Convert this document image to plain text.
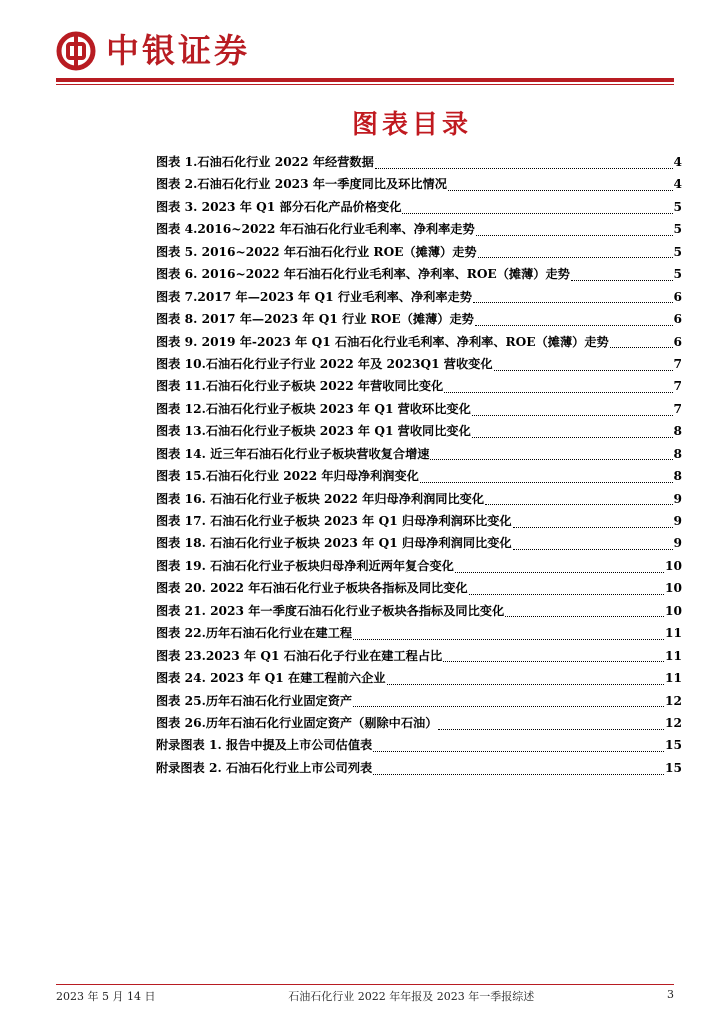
中银证券
图表目录
图表 1.石油石化行业 2022 年经营数据	4
图表 2.石油石化行业 2023 年一季度同比及环比情况	4
图表 3. 2023 年 Q1 部分石化产品价格变化	5
图表 4.2016~2022 年石油石化行业毛利率、净利率走势	5
图表 5. 2016~2022 年石油石化行业 ROE（摊薄）走势	5
图表 6. 2016~2022 年石油石化行业毛利率、净利率、ROE（摊薄）走势	5
图表 7.2017 年—2023 年 Q1 行业毛利率、净利率走势	6
图表 8. 2017 年—2023 年 Q1 行业 ROE（摊薄）走势	6
图表 9. 2019 年-2023 年 Q1 石油石化行业毛利率、净利率、ROE（摊薄）走势	6
图表 10.石油石化行业子行业 2022 年及 2023Q1 营收变化	7
图表 11.石油石化行业子板块 2022 年营收同比变化	7
图表 12.石油石化行业子板块 2023 年 Q1 营收环比变化	7
图表 13.石油石化行业子板块 2023 年 Q1 营收同比变化	8
图表 14. 近三年石油石化行业子板块营收复合增速	8
图表 15.石油石化行业 2022 年归母净利润变化	8
图表 16. 石油石化行业子板块 2022 年归母净利润同比变化	9
图表 17. 石油石化行业子板块 2023 年 Q1 归母净利润环比变化	9
图表 18. 石油石化行业子板块 2023 年 Q1 归母净利润同比变化	9
图表 19. 石油石化行业子板块归母净利近两年复合变化	10
图表 20. 2022 年石油石化行业子板块各指标及同比变化	10
图表 21. 2023 年一季度石油石化行业子板块各指标及同比变化	10
图表 22.历年石油石化行业在建工程	11
图表 23.2023 年 Q1 石油石化子行业在建工程占比	11
图表 24. 2023 年 Q1 在建工程前六企业	11
图表 25.历年石油石化行业固定资产	12
图表 26.历年石油石化行业固定资产（剔除中石油）	12
附录图表 1. 报告中提及上市公司估值表	15
附录图表 2. 石油石化行业上市公司列表	15
2023 年 5 月 14 日	石油石化行业 2022 年年报及 2023 年一季报综述	3
